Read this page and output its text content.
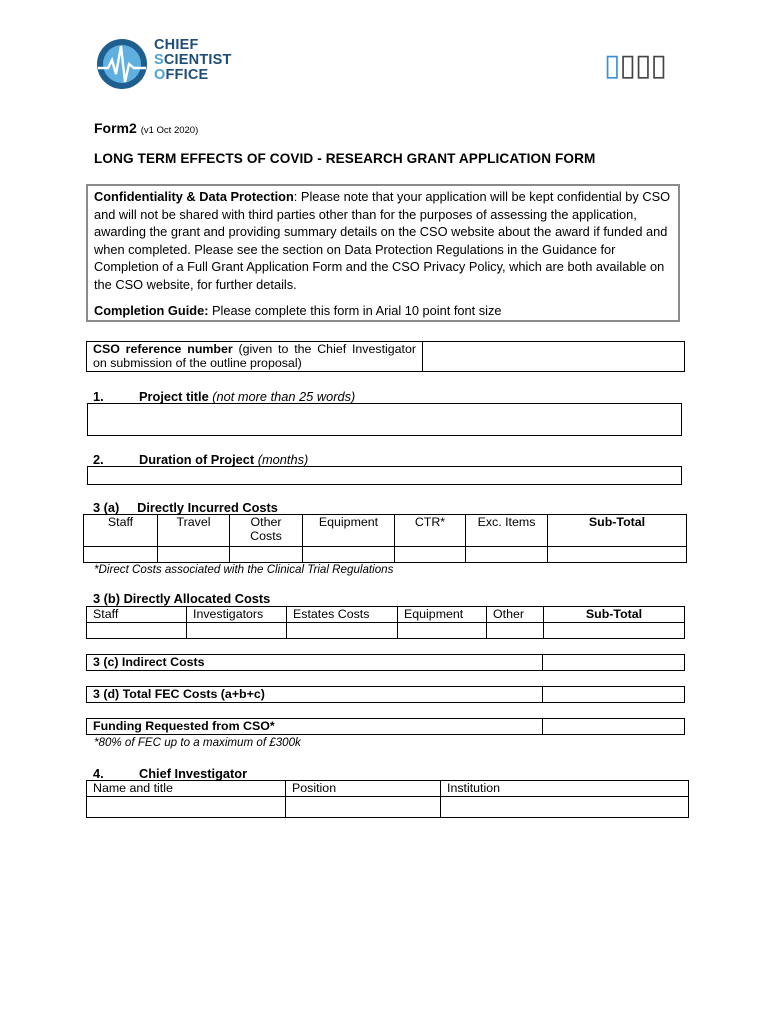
CHIEF
SCIENTIST
OFFICE	▯▯▯▯
Form2 (v1 Oct 2020)
LONG TERM EFFECTS OF COVID - RESEARCH GRANT APPLICATION FORM

Confidentiality & Data Protection: Please note that your application will be kept confidential by CSO and will not be shared with third parties other than for the purposes of assessing the application, awarding the grant and providing summary details on the CSO website about the award if funded and when completed. Please see the section on Data Protection Regulations in the Guidance for Completion of a Full Grant Application Form and the CSO Privacy Policy, which are both available on the CSO website, for further details.

Completion Guide: Please complete this form in Arial 10 point font size

CSO reference number (given to the Chief Investigator on submission of the outline proposal)	
1.	Project title (not more than 25 words)
2.	Duration of Project (months)
3 (a)     Directly Incurred Costs
Staff	Travel	Other Costs	Equipment	CTR*	Exc. Items	Sub-Total

*Direct Costs associated with the Clinical Trial Regulations
3 (b) Directly Allocated Costs
Staff	Investigators	Estates Costs	Equipment	Other	Sub-Total

3 (c) Indirect Costs	
3 (d) Total FEC Costs (a+b+c)	
Funding Requested from CSO*	
*80% of FEC up to a maximum of £300k
4.	Chief Investigator
Name and title	Position	Institution
